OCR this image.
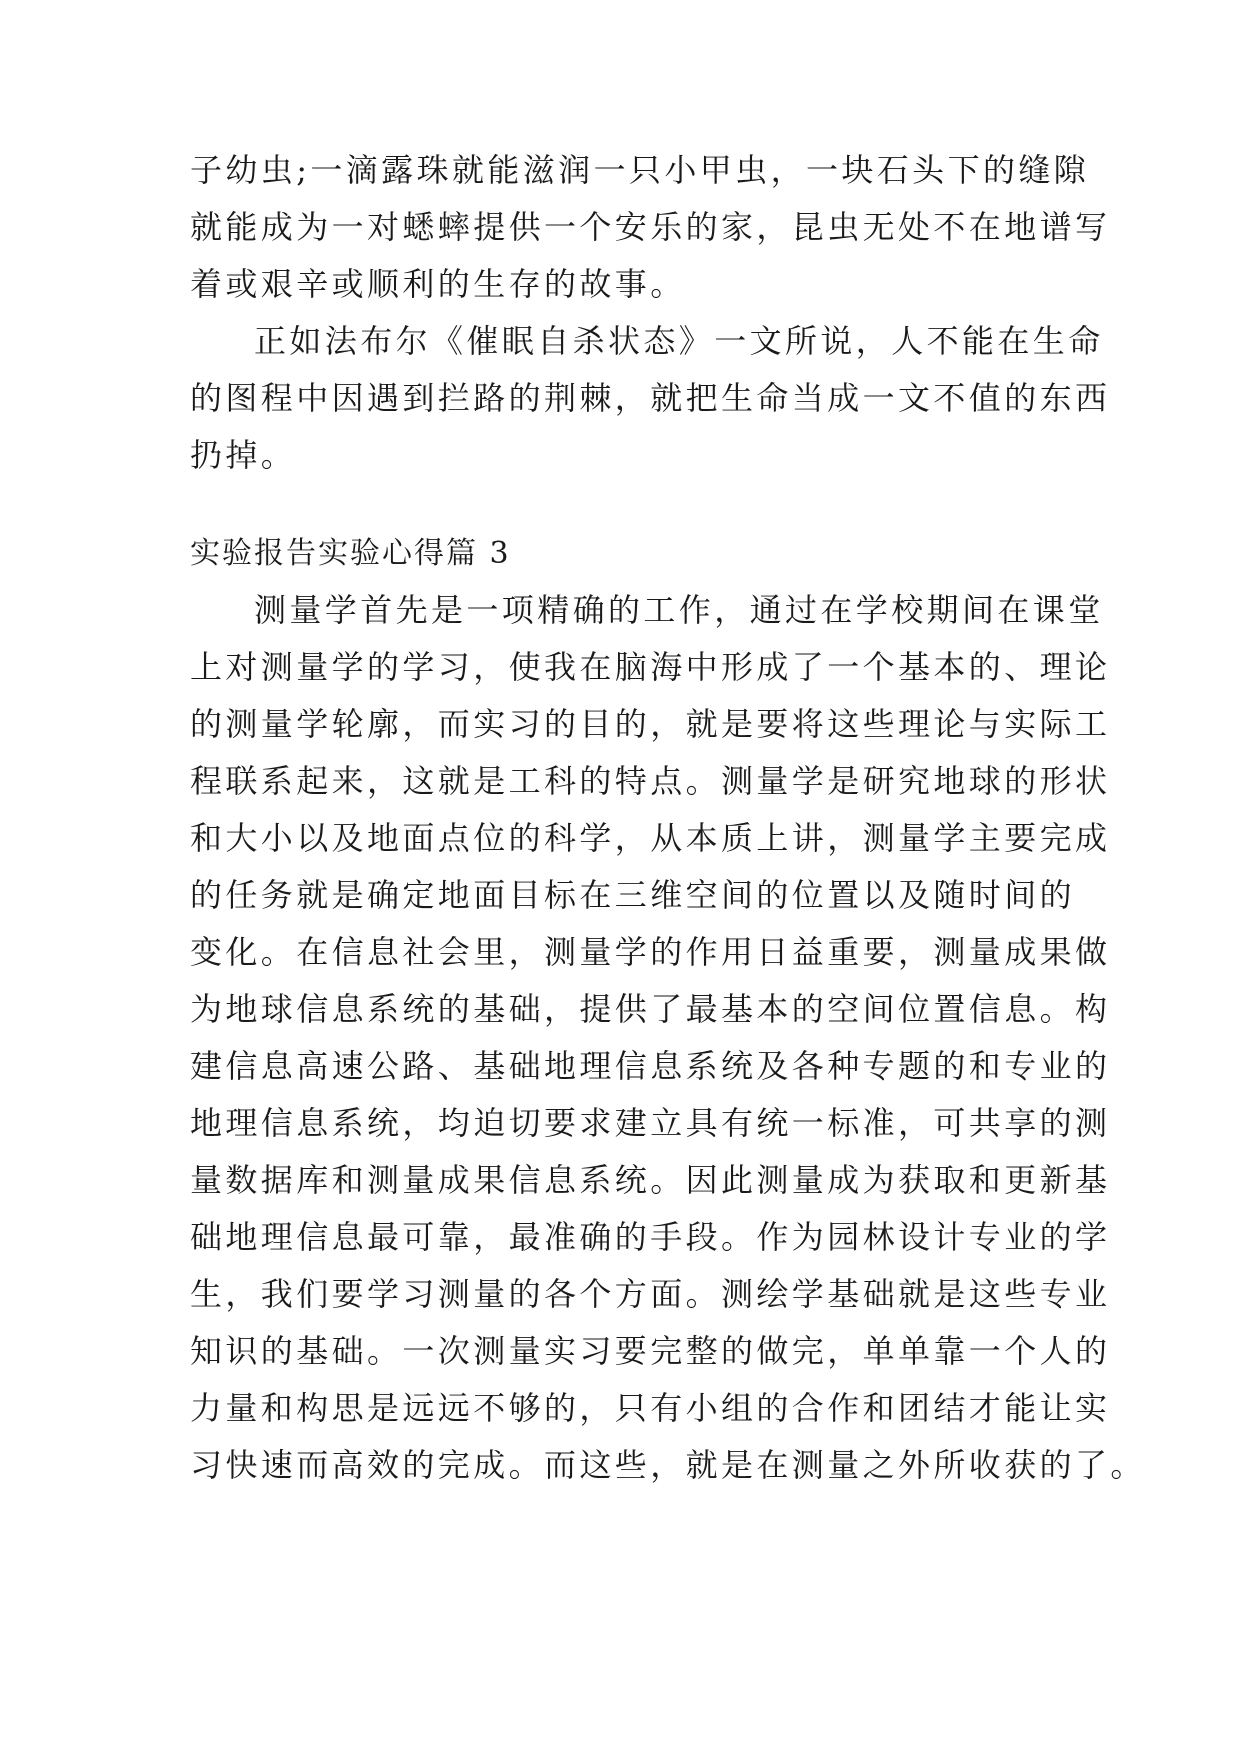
子幼虫;一滴露珠就能滋润一只小甲虫，一块石头下的缝隙
就能成为一对蟋蟀提供一个安乐的家，昆虫无处不在地谱写
着或艰辛或顺利的生存的故事。
正如法布尔《催眠自杀状态》一文所说，人不能在生命
的图程中因遇到拦路的荆棘，就把生命当成一文不值的东西
扔掉。
实验报告实验心得篇 3
测量学首先是一项精确的工作，通过在学校期间在课堂
上对测量学的学习，使我在脑海中形成了一个基本的、理论
的测量学轮廓，而实习的目的，就是要将这些理论与实际工
程联系起来，这就是工科的特点。测量学是研究地球的形状
和大小以及地面点位的科学，从本质上讲，测量学主要完成
的任务就是确定地面目标在三维空间的位置以及随时间的
变化。在信息社会里，测量学的作用日益重要，测量成果做
为地球信息系统的基础，提供了最基本的空间位置信息。构
建信息高速公路、基础地理信息系统及各种专题的和专业的
地理信息系统，均迫切要求建立具有统一标准，可共享的测
量数据库和测量成果信息系统。因此测量成为获取和更新基
础地理信息最可靠，最准确的手段。作为园林设计专业的学
生，我们要学习测量的各个方面。测绘学基础就是这些专业
知识的基础。一次测量实习要完整的做完，单单靠一个人的
力量和构思是远远不够的，只有小组的合作和团结才能让实
习快速而高效的完成。而这些，就是在测量之外所收获的了。
